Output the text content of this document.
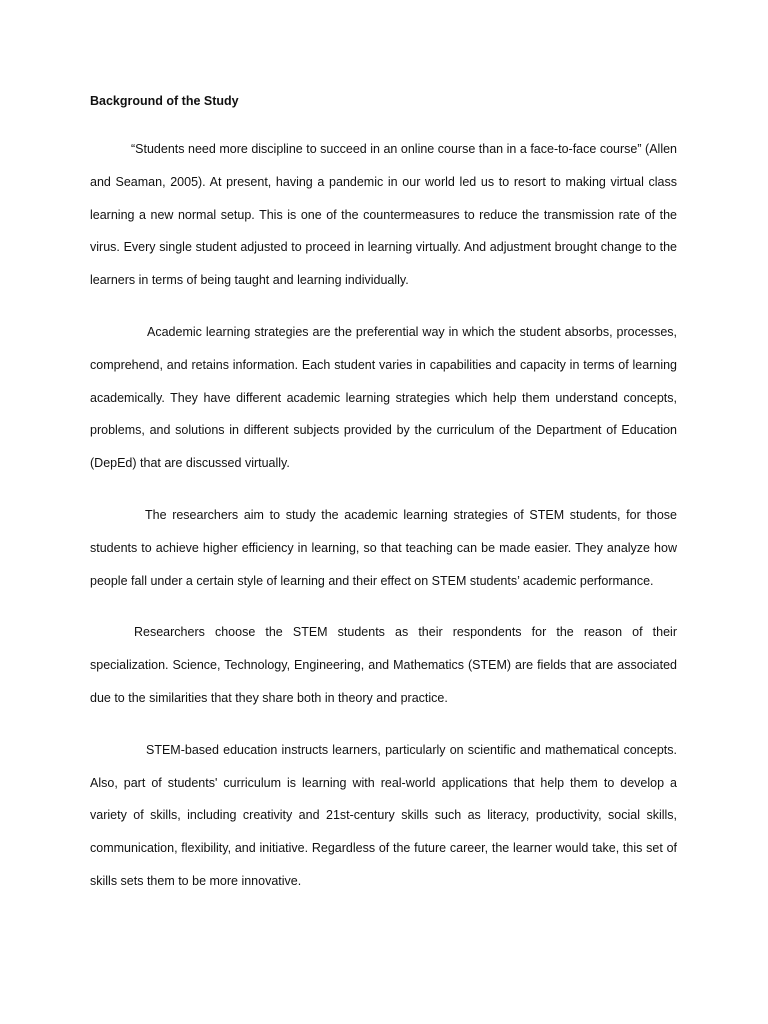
Background of the Study

“Students need more discipline to succeed in an online course than in a face-to-face course” (Allen and Seaman, 2005). At present, having a pandemic in our world led us to resort to making virtual class learning a new normal setup. This is one of the countermeasures to reduce the transmission rate of the virus. Every single student adjusted to proceed in learning virtually. And adjustment brought change to the learners in terms of being taught and learning individually.

Academic learning strategies are the preferential way in which the student absorbs, processes, comprehend, and retains information. Each student varies in capabilities and capacity in terms of learning academically. They have different academic learning strategies which help them understand concepts, problems, and solutions in different subjects provided by the curriculum of the Department of Education (DepEd) that are discussed virtually.

The researchers aim to study the academic learning strategies of STEM students, for those students to achieve higher efficiency in learning, so that teaching can be made easier. They analyze how people fall under a certain style of learning and their effect on STEM students’ academic performance.

Researchers choose the STEM students as their respondents for the reason of their specialization. Science, Technology, Engineering, and Mathematics (STEM) are fields that are associated due to the similarities that they share both in theory and practice.

STEM-based education instructs learners, particularly on scientific and mathematical concepts. Also, part of students' curriculum is learning with real-world applications that help them to develop a variety of skills, including creativity and 21st-century skills such as literacy, productivity, social skills, communication, flexibility, and initiative. Regardless of the future career, the learner would take, this set of skills sets them to be more innovative.
